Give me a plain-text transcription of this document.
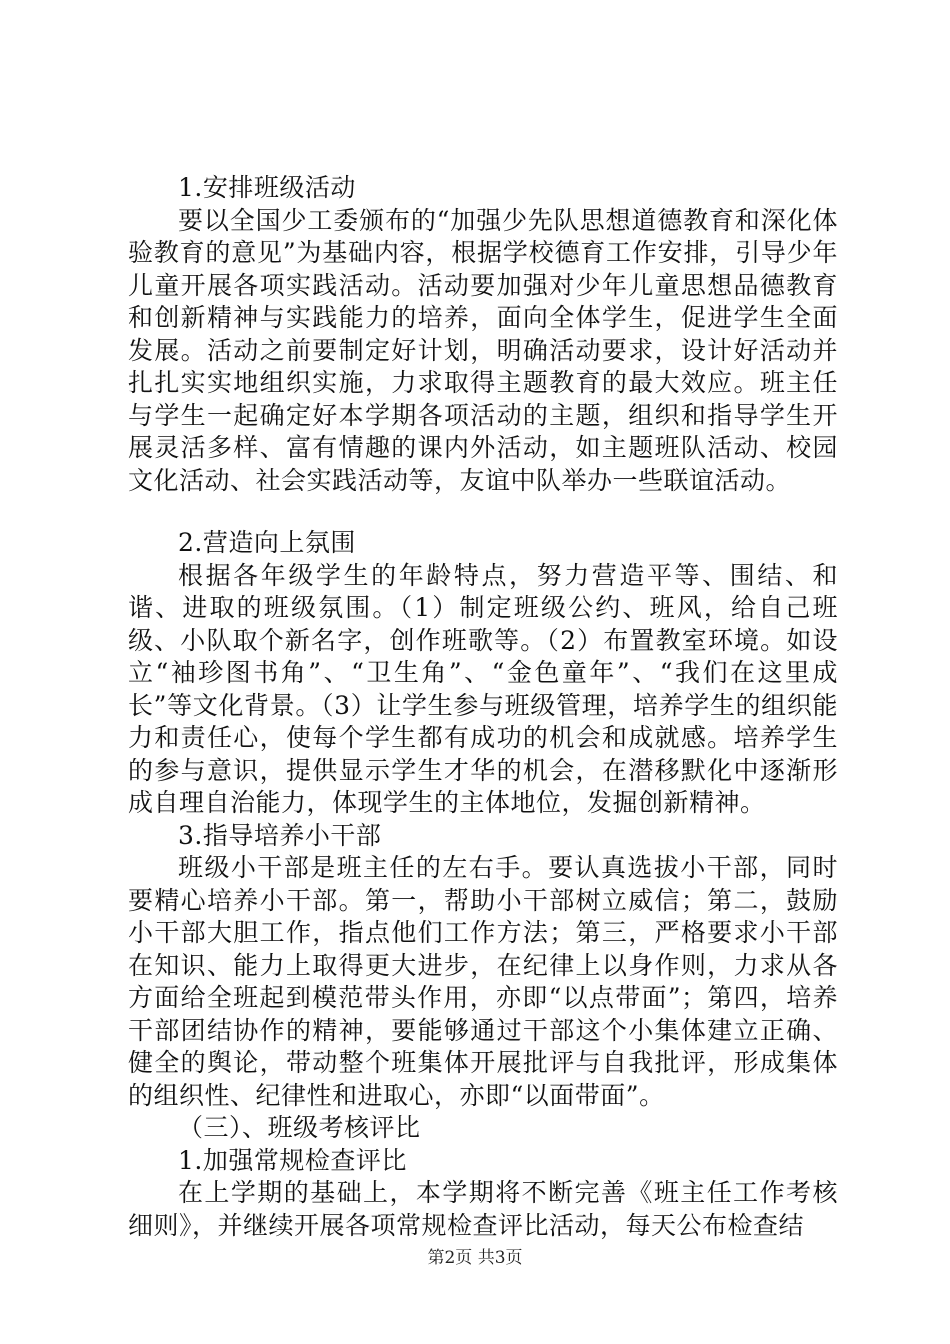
1.安排班级活动

要以全国少工委颁布的“加强少先队思想道德教育和深化体验教育的意见”为基础内容，根据学校德育工作安排，引导少年儿童开展各项实践活动。活动要加强对少年儿童思想品德教育和创新精神与实践能力的培养，面向全体学生，促进学生全面发展。活动之前要制定好计划，明确活动要求，设计好活动并扎扎实实地组织实施，力求取得主题教育的最大效应。班主任与学生一起确定好本学期各项活动的主题，组织和指导学生开展灵活多样、富有情趣的课内外活动，如主题班队活动、校园文化活动、社会实践活动等，友谊中队举办一些联谊活动。

2.营造向上氛围

根据各年级学生的年龄特点，努力营造平等、围结、和谐、进取的班级氛围。（1）制定班级公约、班风，给自己班级、小队取个新名字，创作班歌等。（2）布置教室环境。如设立“袖珍图书角”、“卫生角”、“金色童年”、“我们在这里成长”等文化背景。（3）让学生参与班级管理，培养学生的组织能力和责任心，使每个学生都有成功的机会和成就感。培养学生的参与意识，提供显示学生才华的机会，在潜移默化中逐渐形成自理自治能力，体现学生的主体地位，发掘创新精神。

3.指导培养小干部

班级小干部是班主任的左右手。要认真选拔小干部，同时要精心培养小干部。第一，帮助小干部树立威信；第二，鼓励小干部大胆工作，指点他们工作方法；第三，严格要求小干部在知识、能力上取得更大进步，在纪律上以身作则，力求从各方面给全班起到模范带头作用，亦即“以点带面”；第四，培养干部团结协作的精神，要能够通过干部这个小集体建立正确、健全的舆论，带动整个班集体开展批评与自我批评，形成集体的组织性、纪律性和进取心，亦即“以面带面”。

（三）、班级考核评比

1.加强常规检查评比

在上学期的基础上，本学期将不断完善《班主任工作考核细则》，并继续开展各项常规检查评比活动，每天公布检查结

第2页 共3页
